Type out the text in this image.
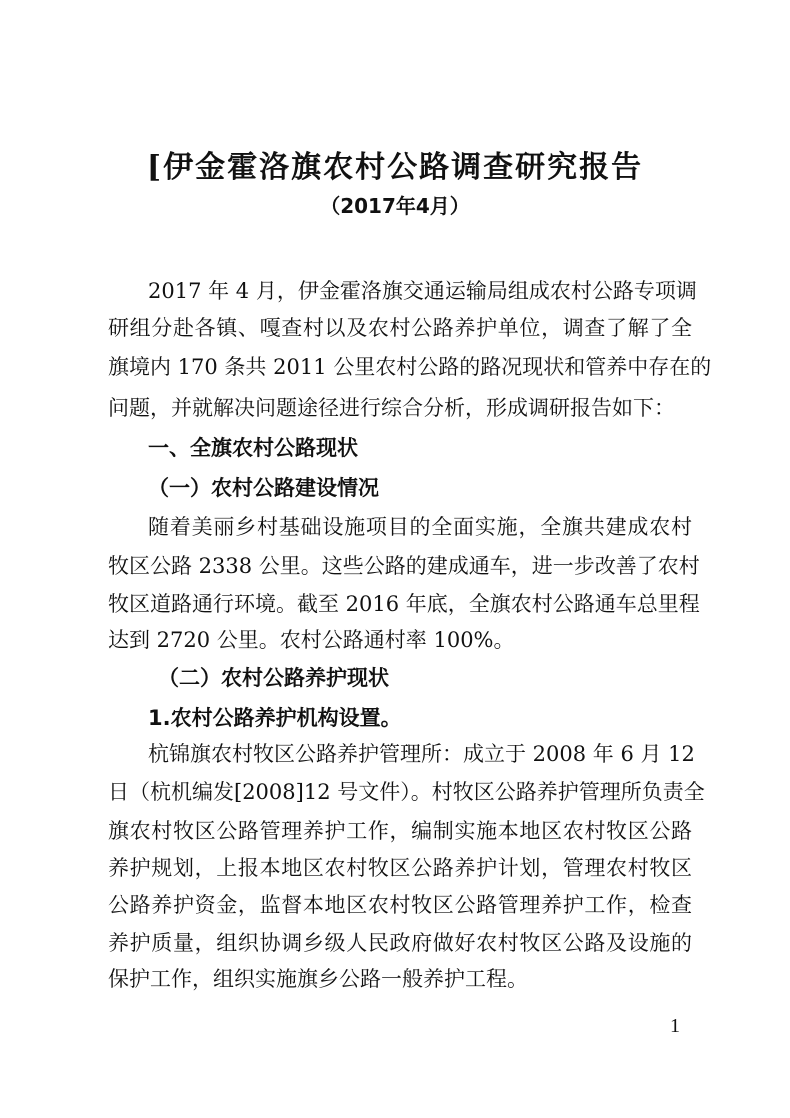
[伊金霍洛旗农村公路调查研究报告
（2017年4月）
2017 年 4 月，伊金霍洛旗交通运输局组成农村公路专项调
研组分赴各镇、嘎查村以及农村公路养护单位，调查了解了全
旗境内 170 条共 2011 公里农村公路的路况现状和管养中存在的
问题，并就解决问题途径进行综合分析，形成调研报告如下：
一、全旗农村公路现状
（一）农村公路建设情况
随着美丽乡村基础设施项目的全面实施，全旗共建成农村
牧区公路 2338 公里。这些公路的建成通车，进一步改善了农村
牧区道路通行环境。截至 2016 年底，全旗农村公路通车总里程
达到 2720 公里。农村公路通村率 100%。
（二）农村公路养护现状
1.农村公路养护机构设置。
杭锦旗农村牧区公路养护管理所：成立于 2008 年 6 月 12
日（杭机编发[2008]12 号文件）。村牧区公路养护管理所负责全
旗农村牧区公路管理养护工作，编制实施本地区农村牧区公路
养护规划，上报本地区农村牧区公路养护计划，管理农村牧区
公路养护资金，监督本地区农村牧区公路管理养护工作，检查
养护质量，组织协调乡级人民政府做好农村牧区公路及设施的
保护工作，组织实施旗乡公路一般养护工程。
1
